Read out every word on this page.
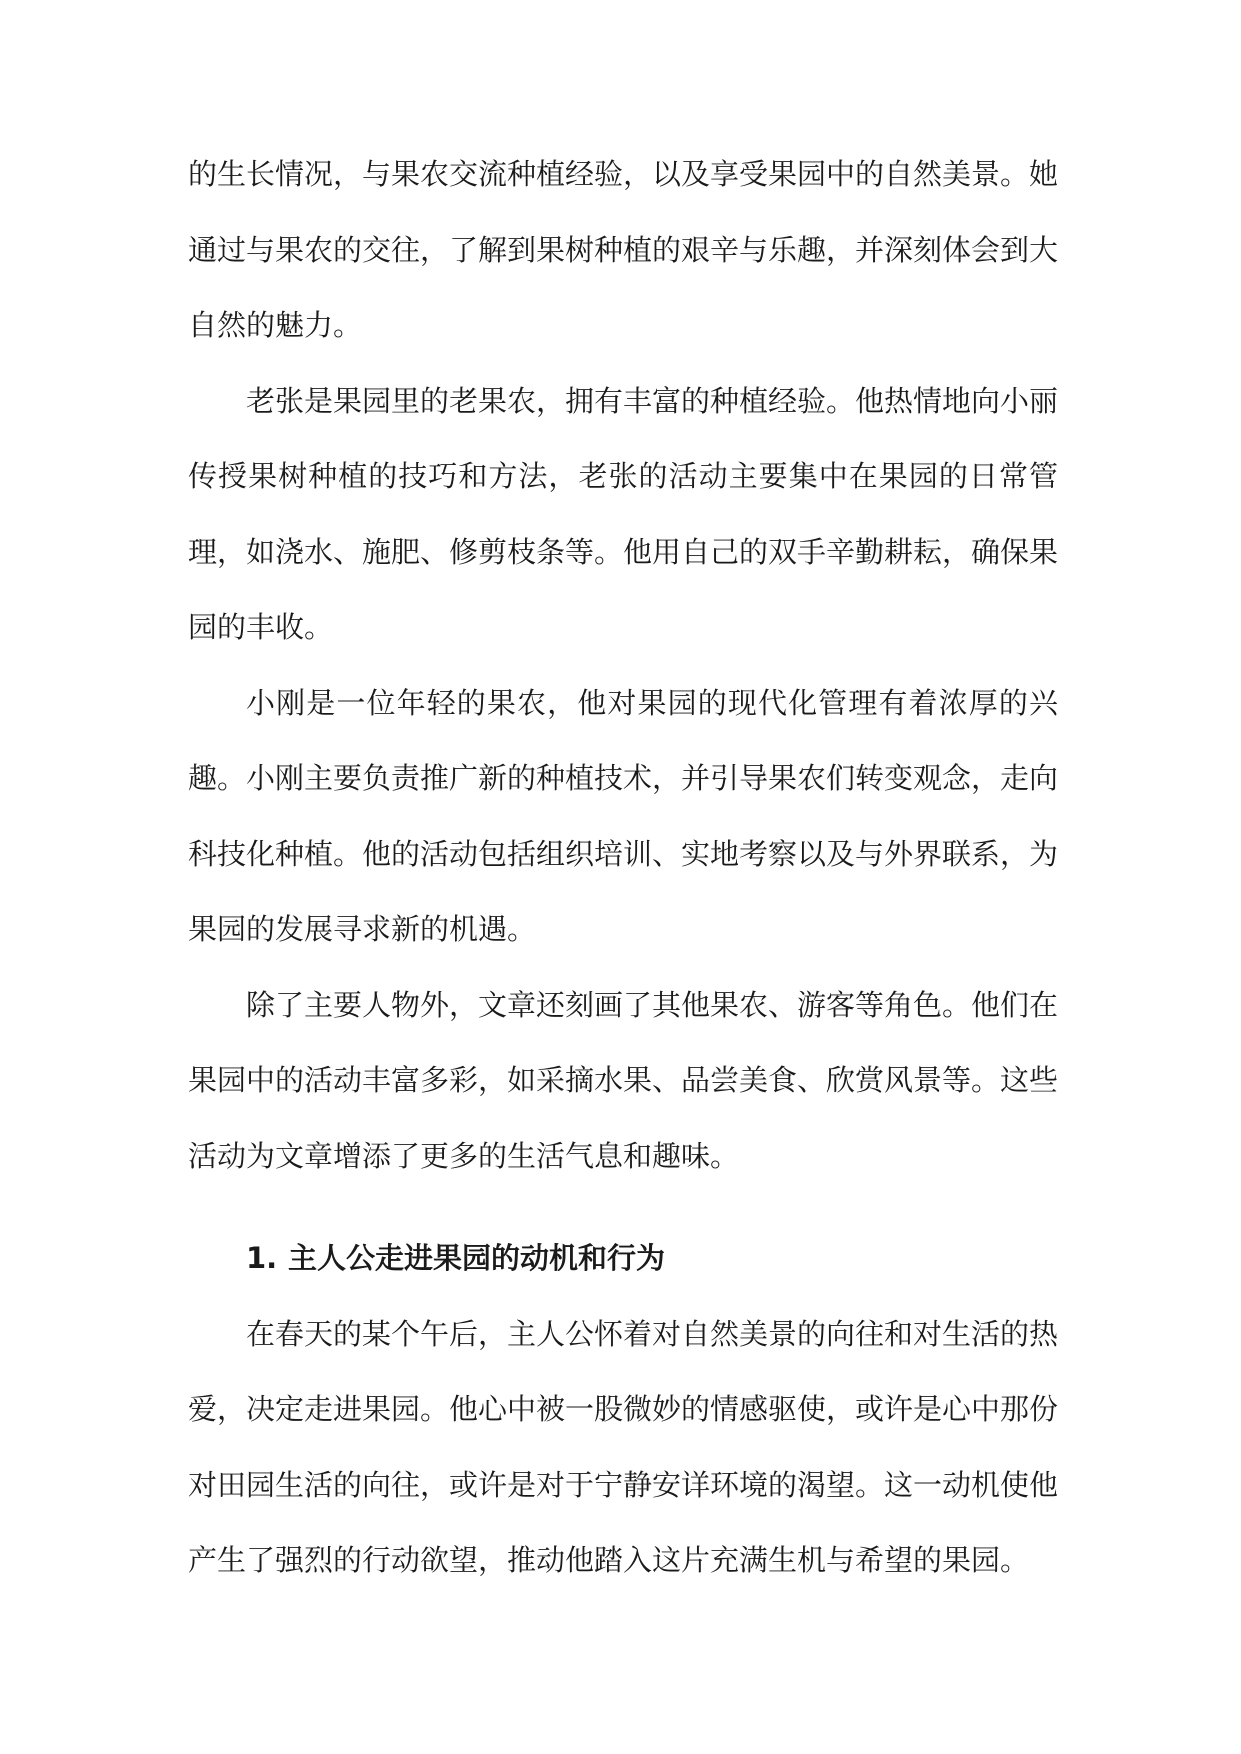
的生长情况，与果农交流种植经验，以及享受果园中的自然美景。她通过与果农的交往，了解到果树种植的艰辛与乐趣，并深刻体会到大自然的魅力。

老张是果园里的老果农，拥有丰富的种植经验。他热情地向小丽传授果树种植的技巧和方法，老张的活动主要集中在果园的日常管理，如浇水、施肥、修剪枝条等。他用自己的双手辛勤耕耘，确保果园的丰收。

小刚是一位年轻的果农，他对果园的现代化管理有着浓厚的兴趣。小刚主要负责推广新的种植技术，并引导果农们转变观念，走向科技化种植。他的活动包括组织培训、实地考察以及与外界联系，为果园的发展寻求新的机遇。

除了主要人物外，文章还刻画了其他果农、游客等角色。他们在果园中的活动丰富多彩，如采摘水果、品尝美食、欣赏风景等。这些活动为文章增添了更多的生活气息和趣味。

1. 主人公走进果园的动机和行为

在春天的某个午后，主人公怀着对自然美景的向往和对生活的热爱，决定走进果园。他心中被一股微妙的情感驱使，或许是心中那份对田园生活的向往，或许是对于宁静安详环境的渴望。这一动机使他产生了强烈的行动欲望，推动他踏入这片充满生机与希望的果园。
